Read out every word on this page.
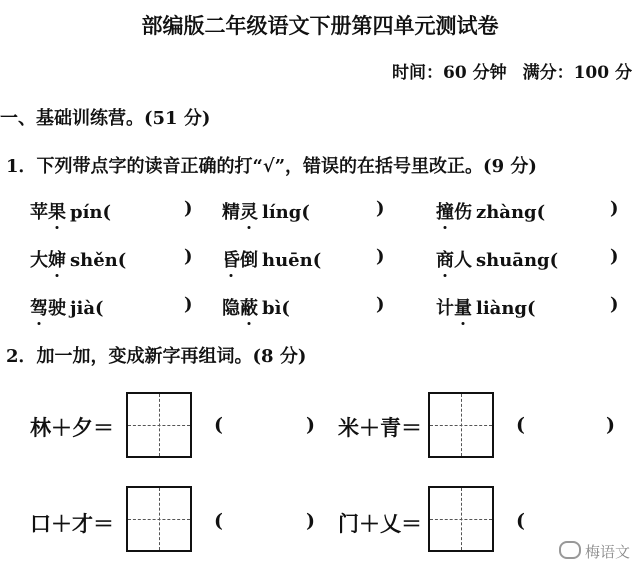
部编版二年级语文下册第四单元测试卷
时间：60 分钟 满分：100 分
一、基础训练营。(51 分)
1．下列带点字的读音正确的打“√”，错误的在括号里改正。(9 分)
苹果 pín(	) 精灵 líng(	)	撞伤 zhàng(	)
大婶 shěn(	) 昏倒 huēn(	)	商人 shuāng(	)
驾驶 jià(	) 隐蔽 bì(	)	计量 liàng(	)
2．加一加，变成新字再组词。(8 分)
林＋夕＝	(	) 米＋青＝	(	)
口＋才＝	(	) 门＋乂＝	(
梅语文
